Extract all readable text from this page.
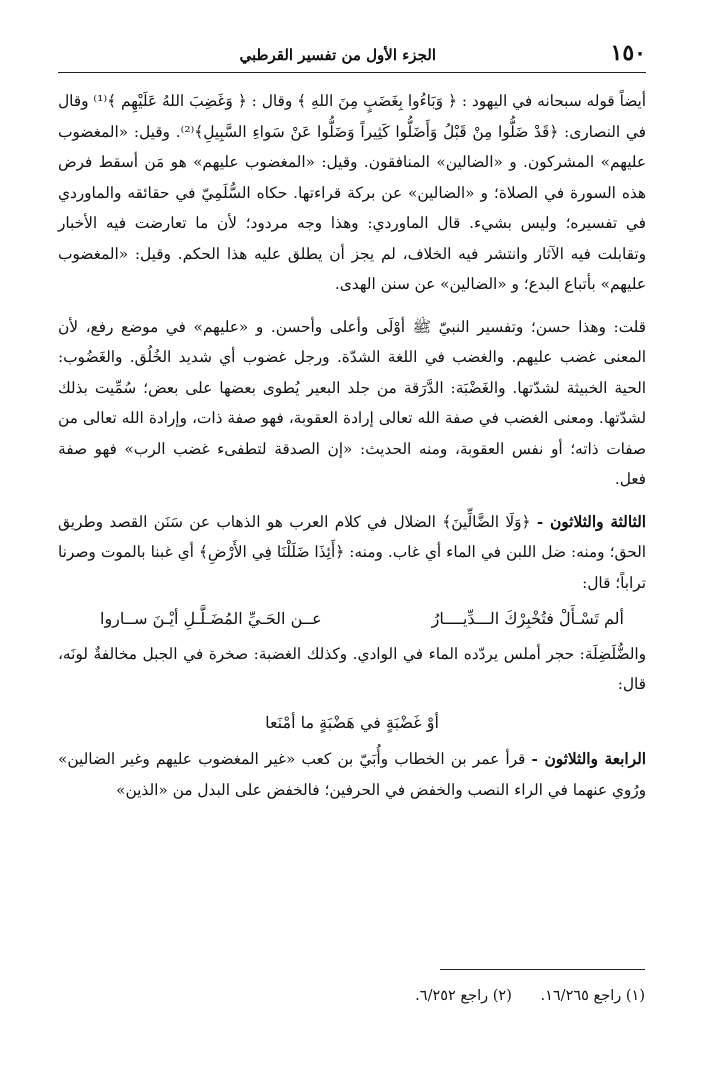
١٥٠
الجزء الأول من تفسير القرطبي

أيضاً قوله سبحانه في اليهود : ﴿ وَبَاءُوا بِغَضَبٍ مِنَ اللهِ ﴾ وقال : ﴿ وَغَضِبَ اللهُ عَلَيْهِم ﴾⁽¹⁾ وقال في النصارى: ﴿قَدْ ضَلُّوا مِنْ قَبْلُ وَأَضَلُّوا كَثِيراً وَضَلُّوا عَنْ سَواءِ السَّبِيلِ﴾⁽²⁾. وقيل: «المغضوب عليهم» المشركون. و «الضالين» المنافقون. وقيل: «المغضوب عليهم» هو مَن أسقط فرض هذه السورة في الصلاة؛ و «الضالين» عن بركة قراءتها. حكاه السُّلَمِيّ في حقائقه والماوردي في تفسيره؛ وليس بشيء. قال الماوردي: وهذا وجه مردود؛ لأن ما تعارضت فيه الأخبار وتقابلت فيه الآثار وانتشر فيه الخلاف، لم يجز أن يطلق عليه هذا الحكم. وقيل: «المغضوب عليهم» بأتباع البدع؛ و «الضالين» عن سنن الهدى.

قلت: وهذا حسن؛ وتفسير النبيّ ﷺ أوْلَى وأعلى وأحسن. و «عليهم» في موضع رفع، لأن المعنى غضب عليهم. والغضب في اللغة الشدّة. ورجل غضوب أي شديد الخُلُق. والغَضُوب: الحية الخبيثة لشدّتها. والغَضْبَة: الدَّرَقة من جلد البعير يُطوى بعضها على بعض؛ سُمِّيت بذلك لشدّتها. ومعنى الغضب في صفة الله تعالى إرادة العقوبة، فهو صفة ذات، وإرادة الله تعالى من صفات ذاته؛ أو نفس العقوبة، ومنه الحديث: «إن الصدقة لتطفىء غضب الرب» فهو صفة فعل.

الثالثة والثلاثون - ﴿وَلَا الضَّالِّينَ﴾ الضلال في كلام العرب هو الذهاب عن سَنَن القصد وطريق الحق؛ ومنه: ضل اللبن في الماء أي غاب. ومنه: ﴿أَئِذَا ضَلَلْنَا فِي الأَرْضِ﴾ أي غبنا بالموت وصرنا تراباً؛ قال:

ألم تَسْـأَلْ فتُخْبِرْكَ الـــدِّيــــارُ
عــن الحَـيِّ المُضَـلَّـلِ أيْـنَ ســاروا

والضُّلَضِلَة: حجر أملس يردّده الماء في الوادي. وكذلك الغضبة: صخرة في الجبل مخالفةٌ لونَه، قال:

أوْ غَضْبَةٍ في هَضْبَةٍ ما أمْنَعا

الرابعة والثلاثون - قرأ عمر بن الخطاب وأُبَيّ بن كعب «غير المغضوب عليهم وغير الضالين» ورُوي عنهما في الراء النصب والخفض في الحرفين؛ فالخفض على البدل من «الذين»

(١) راجع ١٦/٢٦٥. (٢) راجع ٦/٢٥٢.
